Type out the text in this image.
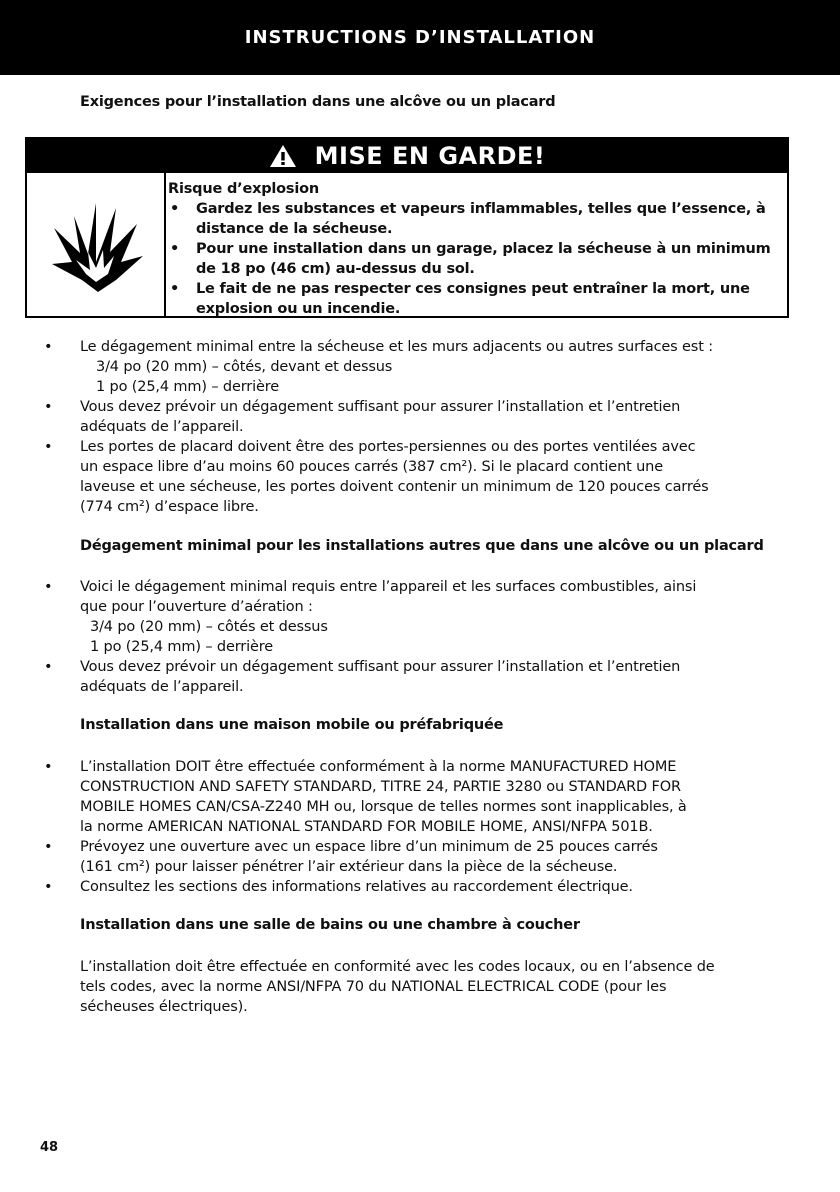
INSTRUCTIONS D’INSTALLATION
Exigences pour l’installation dans une alcôve ou un placard
MISE EN GARDE!
Risque d’explosion
• Gardez les substances et vapeurs inflammables, telles que l’essence, à distance de la sécheuse.
• Pour une installation dans un garage, placez la sécheuse à un minimum de 18 po (46 cm) au-dessus du sol.
• Le fait de ne pas respecter ces consignes peut entraîner la mort, une explosion ou un incendie.
• Le dégagement minimal entre la sécheuse et les murs adjacents ou autres surfaces est :
3/4 po (20 mm) – côtés, devant et dessus
1 po (25,4 mm) – derrière
• Vous devez prévoir un dégagement suffisant pour assurer l’installation et l’entretien
adéquats de l’appareil.
• Les portes de placard doivent être des portes-persiennes ou des portes ventilées avec
un espace libre d’au moins 60 pouces carrés (387 cm²). Si le placard contient une
laveuse et une sécheuse, les portes doivent contenir un minimum de 120 pouces carrés
(774 cm²) d’espace libre.
Dégagement minimal pour les installations autres que dans une alcôve ou un placard
• Voici le dégagement minimal requis entre l’appareil et les surfaces combustibles, ainsi
que pour l’ouverture d’aération :
3/4 po (20 mm) – côtés et dessus
1 po (25,4 mm) – derrière
• Vous devez prévoir un dégagement suffisant pour assurer l’installation et l’entretien
adéquats de l’appareil.
Installation dans une maison mobile ou préfabriquée
• L’installation DOIT être effectuée conformément à la norme MANUFACTURED HOME
CONSTRUCTION AND SAFETY STANDARD, TITRE 24, PARTIE 3280 ou STANDARD FOR
MOBILE HOMES CAN/CSA-Z240 MH ou, lorsque de telles normes sont inapplicables, à
la norme AMERICAN NATIONAL STANDARD FOR MOBILE HOME, ANSI/NFPA 501B.
• Prévoyez une ouverture avec un espace libre d’un minimum de 25 pouces carrés
(161 cm²) pour laisser pénétrer l’air extérieur dans la pièce de la sécheuse.
• Consultez les sections des informations relatives au raccordement électrique.
Installation dans une salle de bains ou une chambre à coucher
L’installation doit être effectuée en conformité avec les codes locaux, ou en l’absence de
tels codes, avec la norme ANSI/NFPA 70 du NATIONAL ELECTRICAL CODE (pour les
sécheuses électriques).
48
